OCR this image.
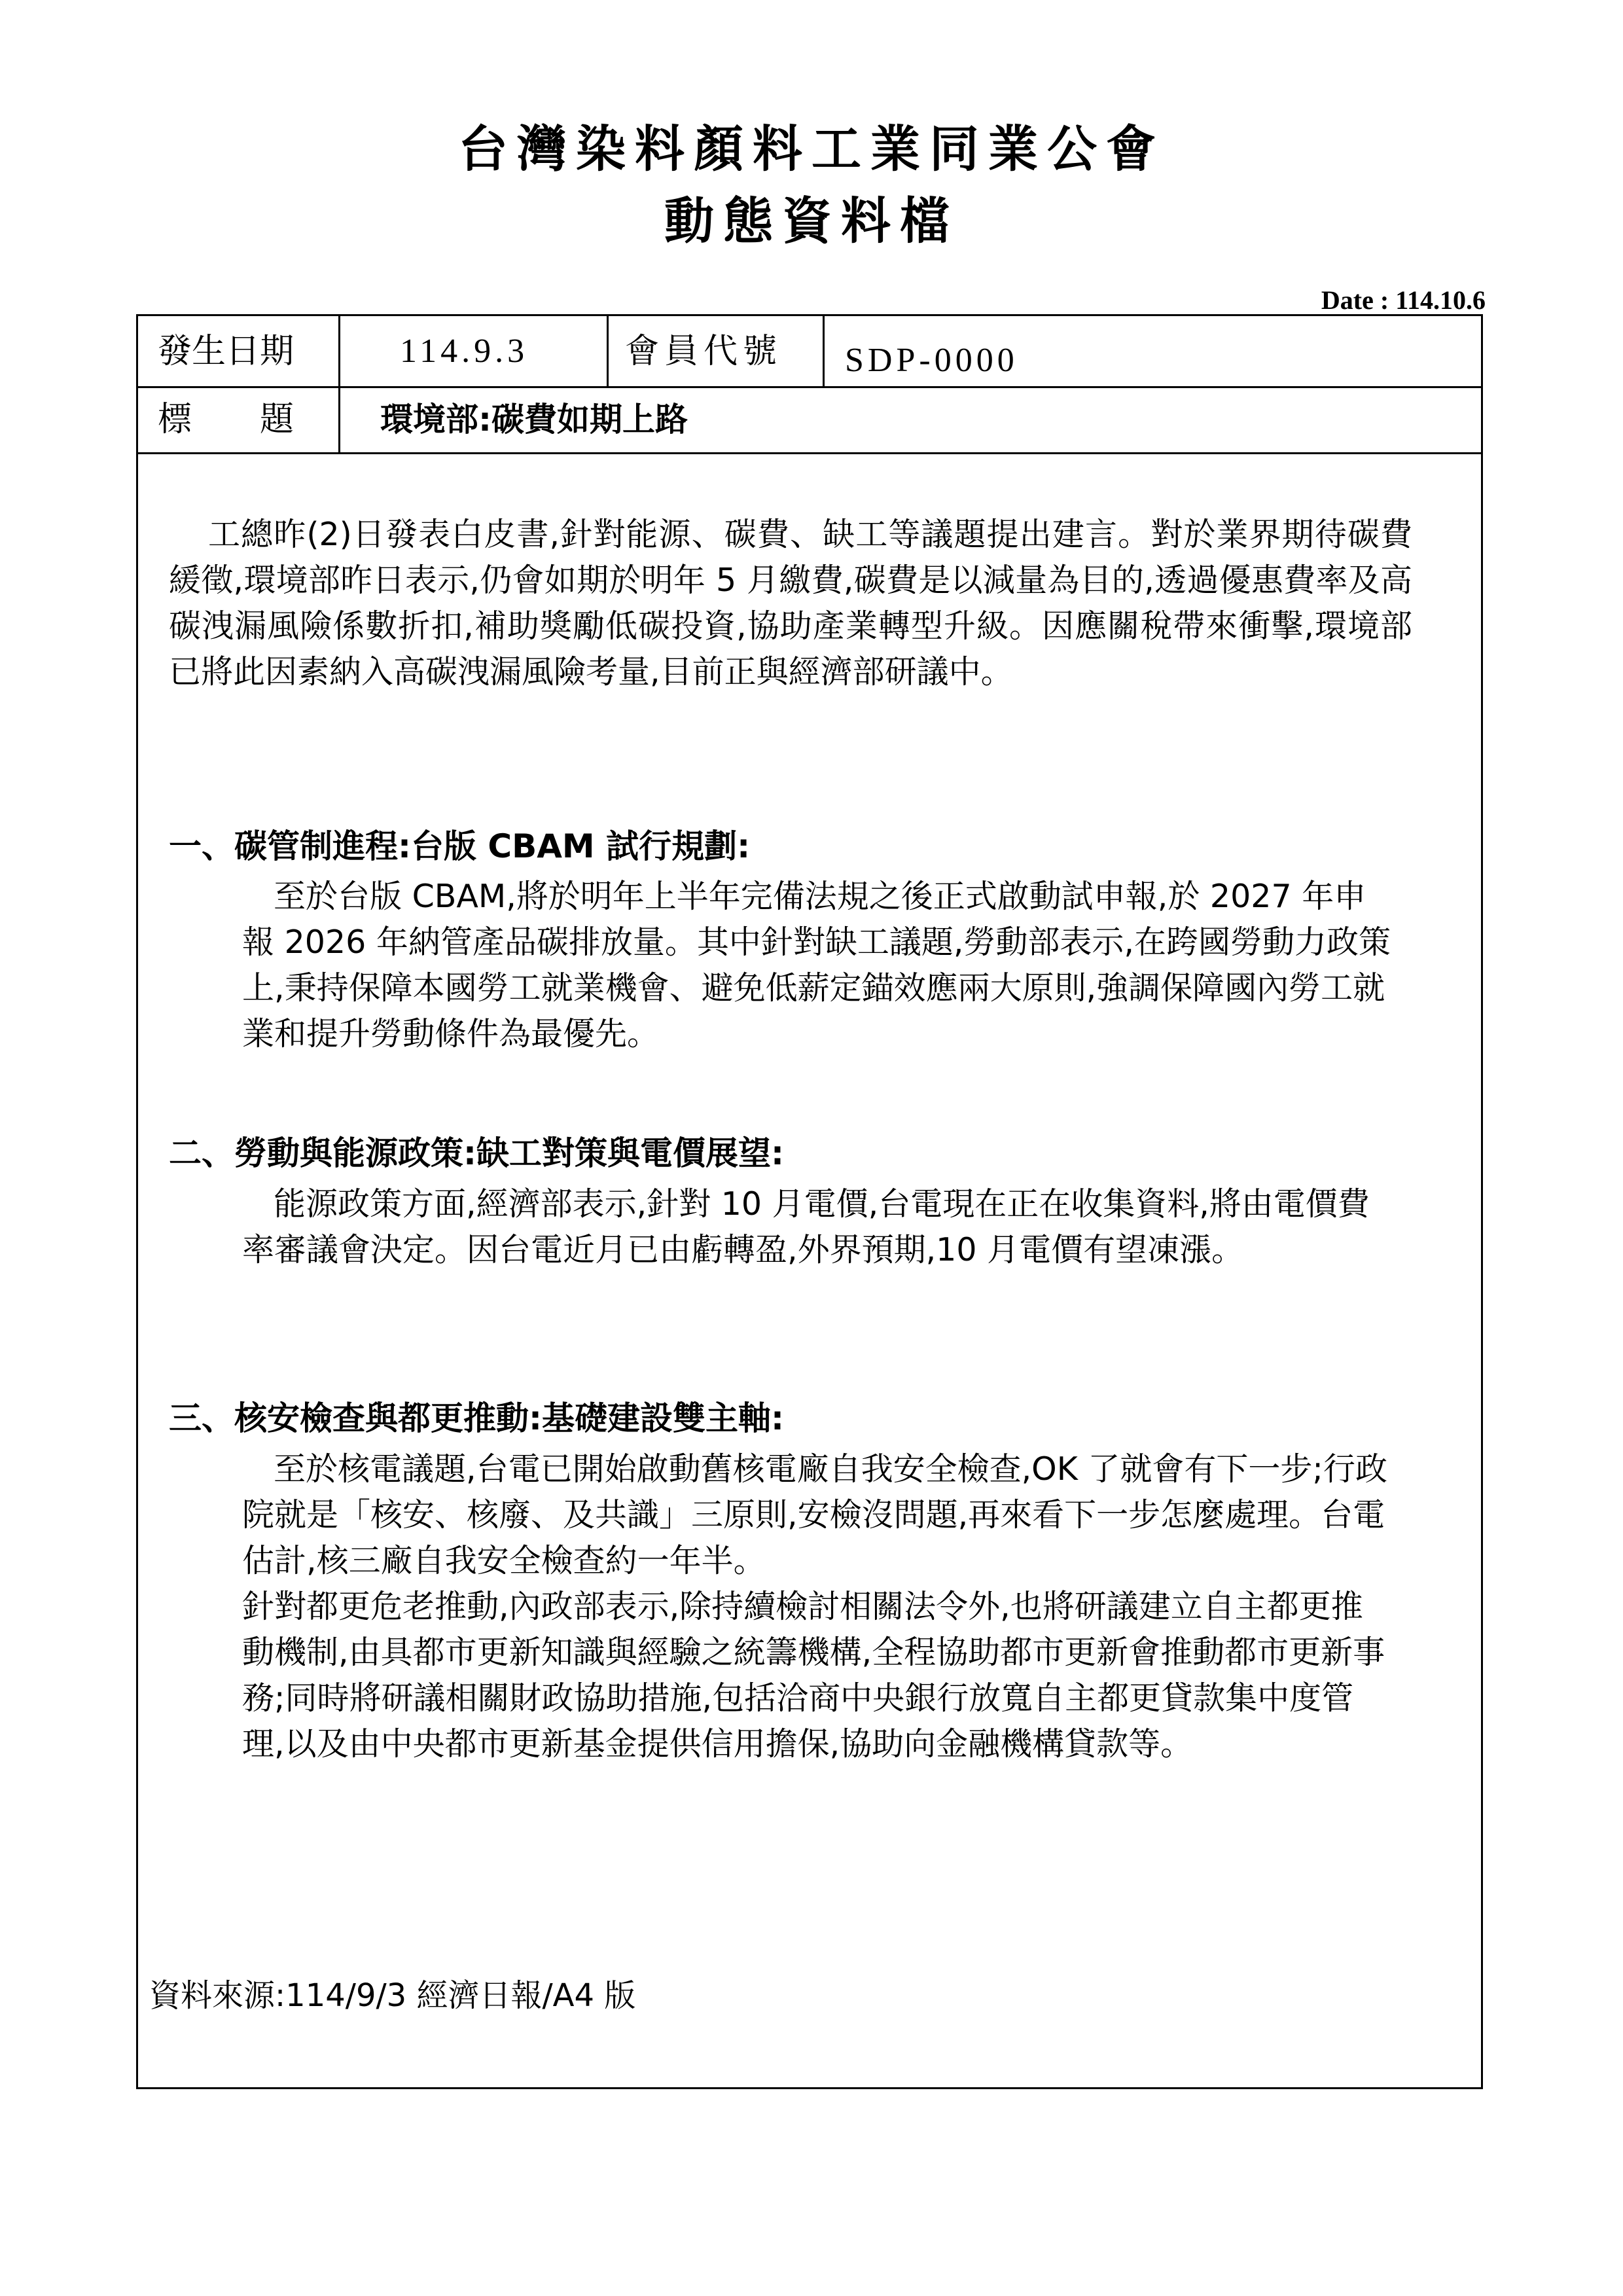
台灣染料顏料工業同業公會
動態資料檔
Date : 114.10.6
發生日期	114.9.3	會員代號 SDP-0000
標　　題	環境部:碳費如期上路
工總昨(2)日發表白皮書,針對能源、碳費、缺工等議題提出建言。對於業界期待碳費緩徵,環境部昨日表示,仍會如期於明年 5 月繳費,碳費是以減量為目的,透過優惠費率及高碳洩漏風險係數折扣,補助獎勵低碳投資,協助產業轉型升級。因應關稅帶來衝擊,環境部已將此因素納入高碳洩漏風險考量,目前正與經濟部研議中。
一、碳管制進程:台版 CBAM 試行規劃:

至於台版 CBAM,將於明年上半年完備法規之後正式啟動試申報,於 2027 年申報 2026 年納管產品碳排放量。其中針對缺工議題,勞動部表示,在跨國勞動力政策上,秉持保障本國勞工就業機會、避免低薪定錨效應兩大原則,強調保障國內勞工就業和提升勞動條件為最優先。

二、勞動與能源政策:缺工對策與電價展望:

能源政策方面,經濟部表示,針對 10 月電價,台電現在正在收集資料,將由電價費率審議會決定。因台電近月已由虧轉盈,外界預期,10 月電價有望凍漲。

三、核安檢查與都更推動:基礎建設雙主軸:

至於核電議題,台電已開始啟動舊核電廠自我安全檢查,OK 了就會有下一步;行政院就是「核安、核廢、及共識」三原則,安檢沒問題,再來看下一步怎麼處理。台電估計,核三廠自我安全檢查約一年半。

針對都更危老推動,內政部表示,除持續檢討相關法令外,也將研議建立自主都更推動機制,由具都市更新知識與經驗之統籌機構,全程協助都市更新會推動都市更新事務;同時將研議相關財政協助措施,包括洽商中央銀行放寬自主都更貸款集中度管理,以及由中央都市更新基金提供信用擔保,協助向金融機構貸款等。

資料來源:114/9/3 經濟日報/A4 版
